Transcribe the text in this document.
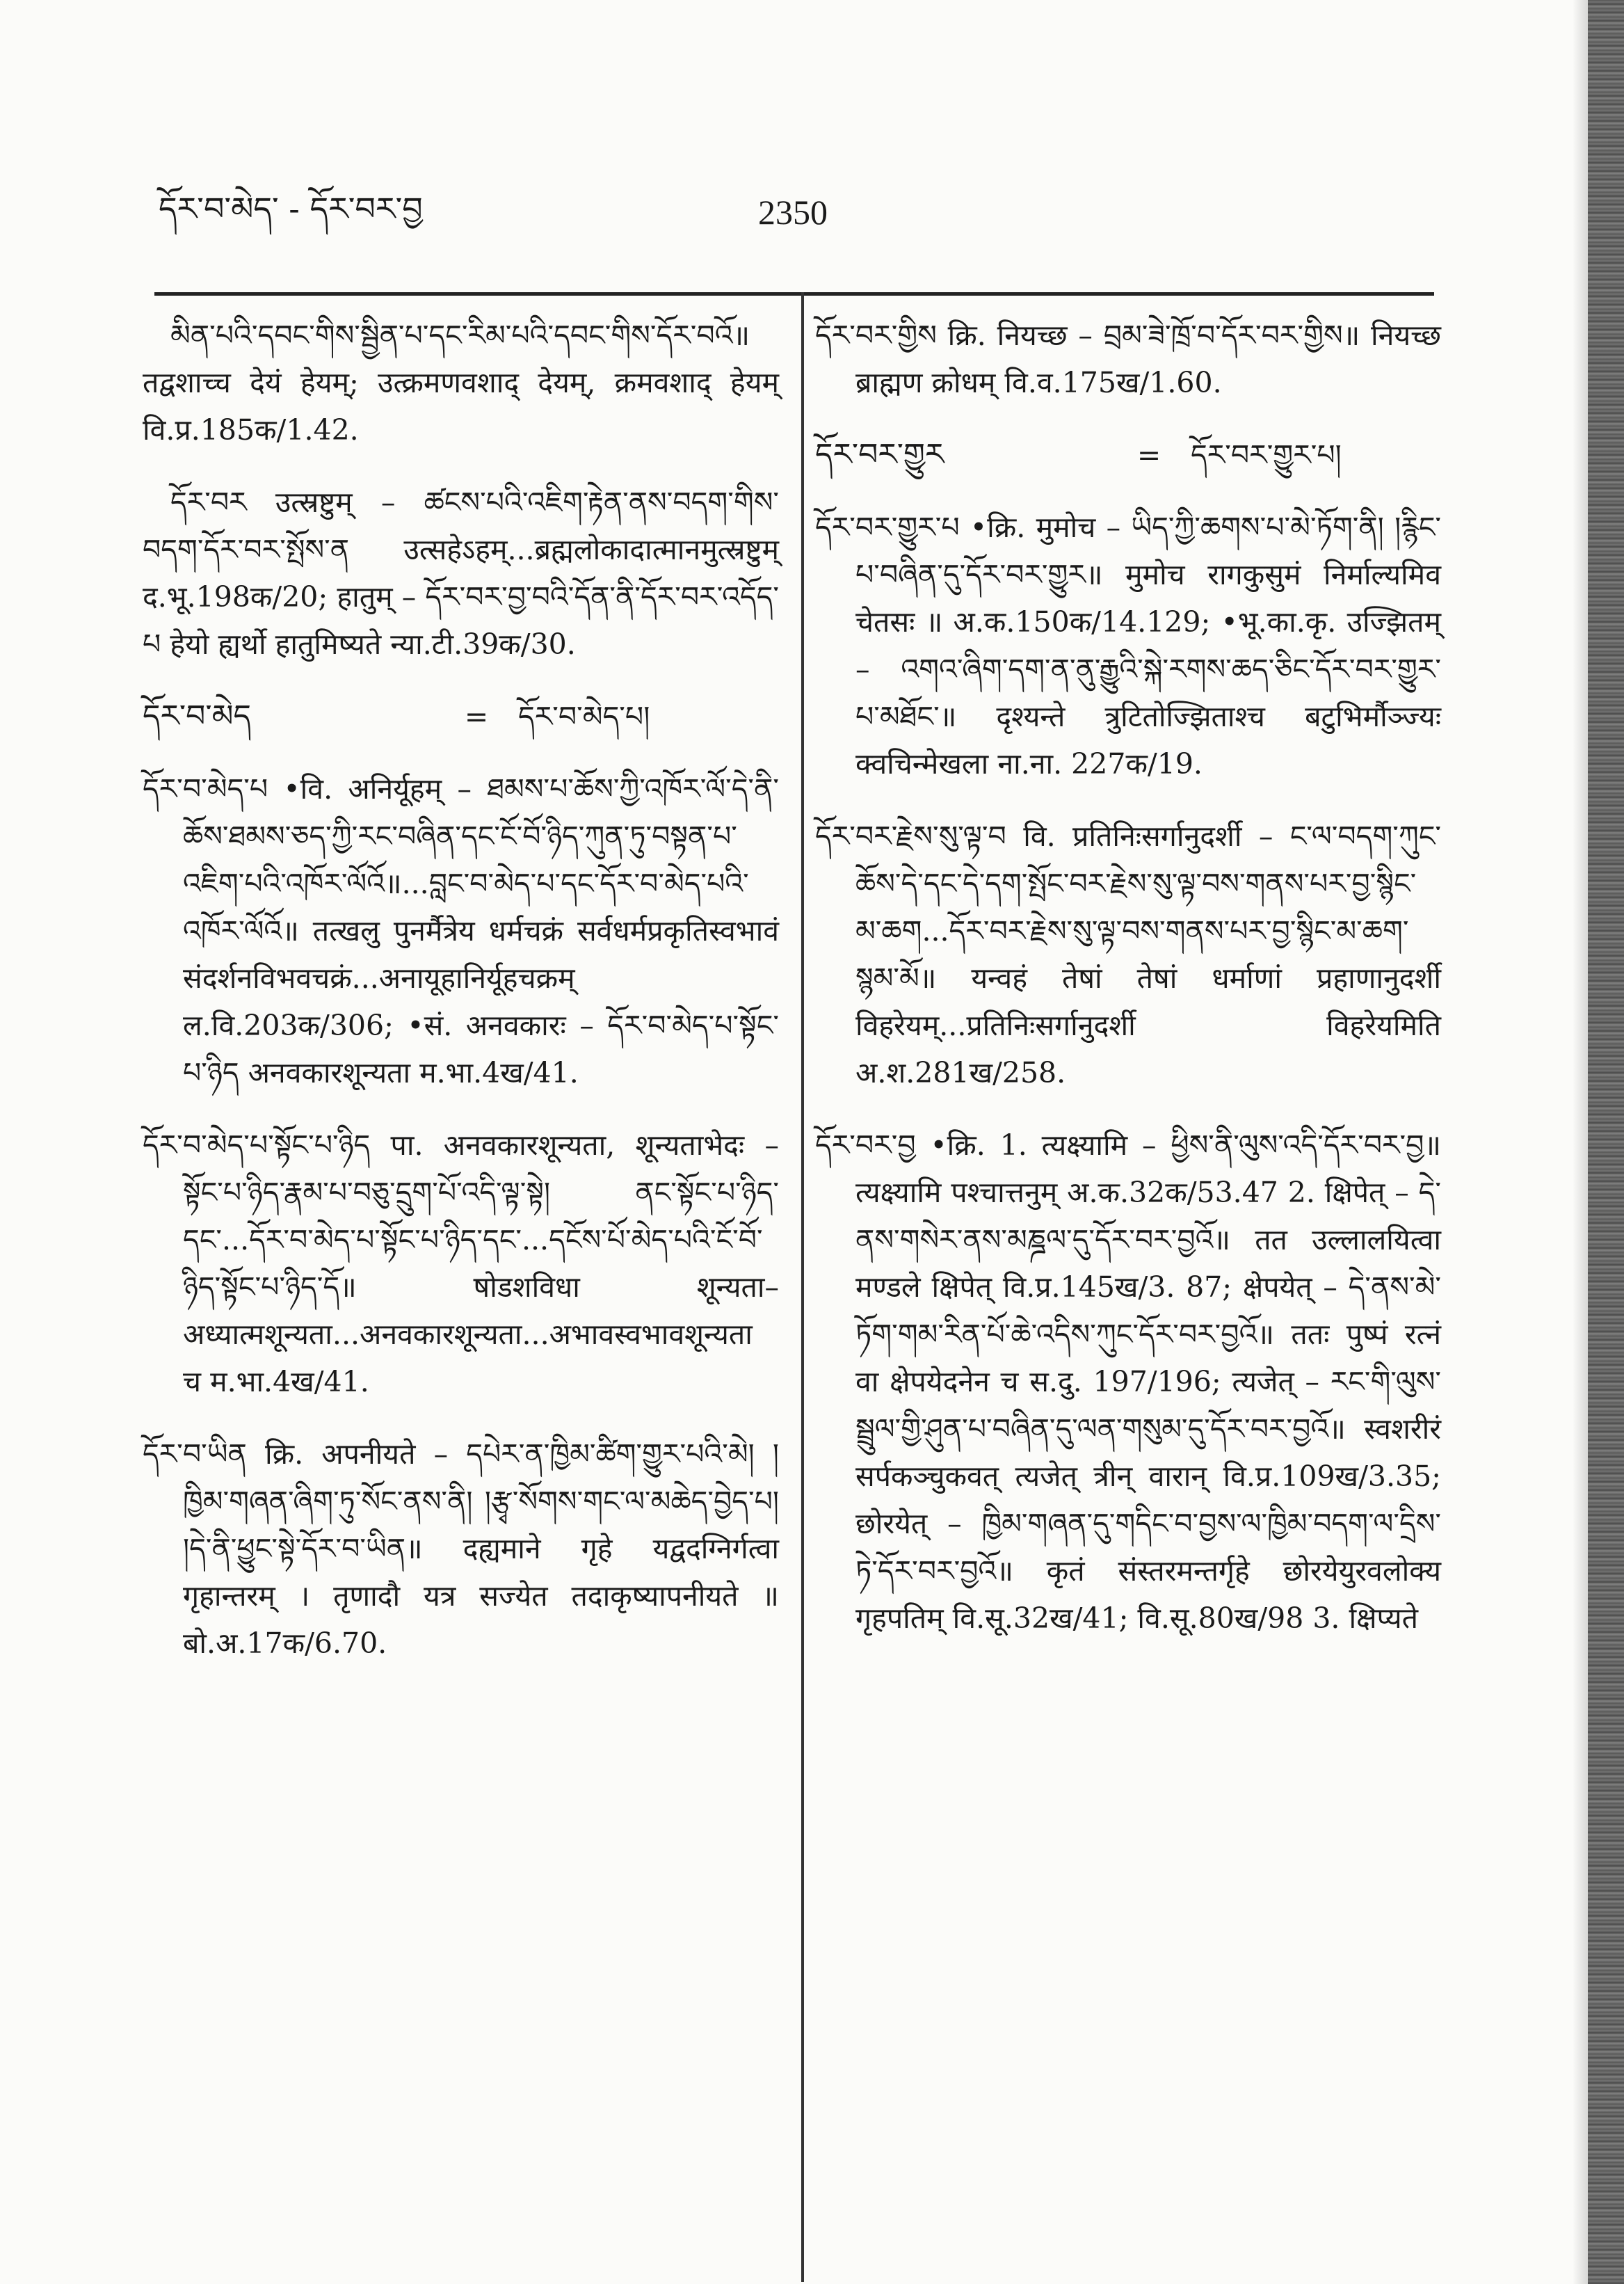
དོར་བ་མེད་ - དོར་བར་བྱ	2350

མིན་པའི་དབང་གིས་སྦྱིན་པ་དང་རིམ་པའི་དབང་གིས་དོར་བའོ॥ तद्वशाच्च देयं हेयम्; उत्क्रमणवशाद् देयम्, क्रमवशाद् हेयम् वि.प्र.185क/1.42.

དོར་བར उत्स्रष्टुम् – ཚངས་པའི་འཇིག་རྟེན་ནས་བདག་གིས་བདག་དོར་བར་སྤོས་ན उत्सहेऽहम्...ब्रह्मलोकादात्मानमुत्स्रष्टुम् द.भू.198क/20; हातुम् – དོར་བར་བྱ་བའི་དོན་ནི་དོར་བར་འདོད་པ हेयो ह्यर्थो हातुमिष्यते न्या.टी.39क/30.

དོར་བ་མེད	=	དོར་བ་མེད་པ།

དོར་བ་མེད་པ •वि. अनिर्यूहम् – ཐམས་པ་ཆོས་ཀྱི་འཁོར་ལོ་དེ་ནི་ཆོས་ཐམས་ཅད་ཀྱི་རང་བཞིན་དང་ངོ་བོ་ཉིད་ཀུན་ཏུ་བསྟན་པ་འཇིག་པའི་འཁོར་ལོའོ॥...བླང་བ་མེད་པ་དང་དོར་བ་མེད་པའི་འཁོར་ལོའོ॥ तत्खलु पुनर्मैत्रेय धर्मचक्रं सर्वधर्मप्रकृतिस्वभावं संदर्शनविभवचक्रं...अनायूहानिर्यूहचक्रम् ल.वि.203क/306; •सं. अनवकारः – དོར་བ་མེད་པ་སྟོང་པ་ཉིད अनवकारशून्यता म.भा.4ख/41.

དོར་བ་མེད་པ་སྟོང་པ་ཉིད पा. अनवकारशून्यता, शून्यताभेदः – སྟོང་པ་ཉིད་རྣམ་པ་བཅུ་དྲུག་པོ་འདི་ལྟ་སྟེ། ནང་སྟོང་པ་ཉིད་དང་...དོར་བ་མེད་པ་སྟོང་པ་ཉིད་དང་...དངོས་པོ་མེད་པའི་ངོ་བོ་ཉིད་སྟོང་པ་ཉིད་དོ॥ षोडशविधा शून्यता–अध्यात्मशून्यता...अनवकारशून्यता...अभावस्वभावशून्यता च म.भा.4ख/41.

དོར་བ་ཡིན क्रि. अपनीयते – དཔེར་ན་ཁྱིམ་ཚིག་གྱུར་པའི་མེ། །ཁྱིམ་གཞན་ཞིག་ཏུ་སོང་ནས་ནི། །རྩྭ་སོགས་གང་ལ་མཆེད་བྱེད་པ། །དེ་ནི་ཕྱུང་སྟེ་དོར་བ་ཡིན॥ दह्यमाने गृहे यद्वदग्निर्गत्वा गृहान्तरम् । तृणादौ यत्र सज्येत तदाकृष्यापनीयते ॥ बो.अ.17क/6.70.

དོར་བར་གྱིས क्रि. नियच्छ – བྲམ་ཟེ་ཁྲོ་བ་དོར་བར་གྱིས॥ नियच्छ ब्राह्मण क्रोधम् वि.व.175ख/1.60.

དོར་བར་གྱུར	=	དོར་བར་གྱུར་པ།

དོར་བར་གྱུར་པ •क्रि. मुमोच – ཡིད་ཀྱི་ཆགས་པ་མེ་ཏོག་ནི། །རྙིང་པ་བཞིན་དུ་དོར་བར་གྱུར॥ मुमोच रागकुसुमं निर्माल्यमिव चेतसः ॥ अ.क.150क/14.129; •भू.का.कृ. उज्झितम् – འགའ་ཞིག་དག་ན་ནུ་རྒྱུའི་སྐེ་རགས་ཆད་ཅིང་དོར་བར་གྱུར་པ་མཐོང་॥ दृश्यन्ते त्रुटितोज्झिताश्च बटुभिर्मौञ्ज्यः क्वचिन्मेखला ना.ना. 227क/19.

དོར་བར་རྗེས་སུ་ལྟ་བ वि. प्रतिनिःसर्गानुदर्शी – ང་ལ་བདག་ཀུང་ཆོས་དེ་དང་དེ་དག་སྤོང་བར་རྗེས་སུ་ལྟ་བས་གནས་པར་བྱ་སྙིང་མ་ཆག...དོར་བར་རྗེས་སུ་ལྟ་བས་གནས་པར་བྱ་སྙིང་མ་ཆག་སྙམ་མོ॥ यन्वहं तेषां तेषां धर्माणां प्रहाणानुदर्शी विहरेयम्...प्रतिनिःसर्गानुदर्शी विहरेयमिति अ.श.281ख/258.

དོར་བར་བྱ •क्रि. 1. त्यक्ष्यामि – ཕྱིས་ནི་ལུས་འདི་དོར་བར་བྱ॥ त्यक्ष्यामि पश्चात्तनुम् अ.क.32क/53.47 2. क्षिपेत् – དེ་ནས་གསེར་ནས་མཎྜལ་དུ་དོར་བར་བྱའོ॥ तत उल्लालयित्वा मण्डले क्षिपेत् वि.प्र.145ख/3. 87; क्षेपयेत् – དེ་ནས་མེ་ཏོག་གམ་རིན་པོ་ཆེ་འདིས་ཀུང་དོར་བར་བྱའོ॥ ततः पुष्पं रत्नं वा क्षेपयेदनेन च स.दु. 197/196; त्यजेत् – རང་གི་ལུས་སྦྲུལ་གྱི་ཤུན་པ་བཞིན་དུ་ལན་གསུམ་དུ་དོར་བར་བྱའོ॥ स्वशरीरं सर्पकञ्चुकवत् त्यजेत् त्रीन् वारान् वि.प्र.109ख/3.35; छोरयेत् – ཁྱིམ་གཞན་དུ་གདིང་བ་བྱས་ལ་ཁྱིམ་བདག་ལ་དྲིས་ཏེ་དོར་བར་བྱའོ॥ कृतं संस्तरमन्तर्गृहे छोरयेयुरवलोक्य गृहपतिम् वि.सू.32ख/41; वि.सू.80ख/98 3. क्षिप्यते
